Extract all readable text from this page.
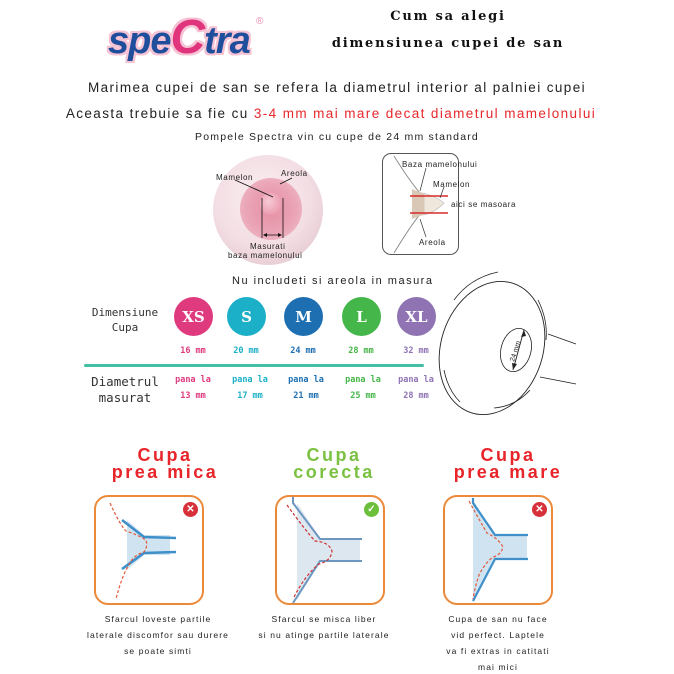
speCtra ®	Cum sa alegi
dimensiunea cupei de san
Marimea cupei de san se refera la diametrul interior al palniei cupei
Aceasta trebuie sa fie cu 3-4 mm mai mare decat diametrul mamelonului
Pompele Spectra vin cu cupe de 24 mm standard
Mamelon	Areola
Masurati
baza mamelonului
Baza mamelonului
Mamelon
aici se masoara
Areola
Nu includeti si areola in masura
Dimensiune
Cupa
XS	S	M	L	XL
16 mm	20 mm	24 mm	28 mm	32 mm
Diametrul
masurat
pana la	pana la	pana la	pana la	pana la
13 mm	17 mm	21 mm	25 mm	28 mm
24 mm
Cupa
prea mica
✕
Sfarcul loveste partile
laterale discomfor sau durere
se poate simti
Cupa
corecta
✓
Sfarcul se misca liber
si nu atinge partile laterale
Cupa
prea mare
✕
Cupa de san nu face
vid perfect. Laptele
va fi extras in catitati
mai mici
